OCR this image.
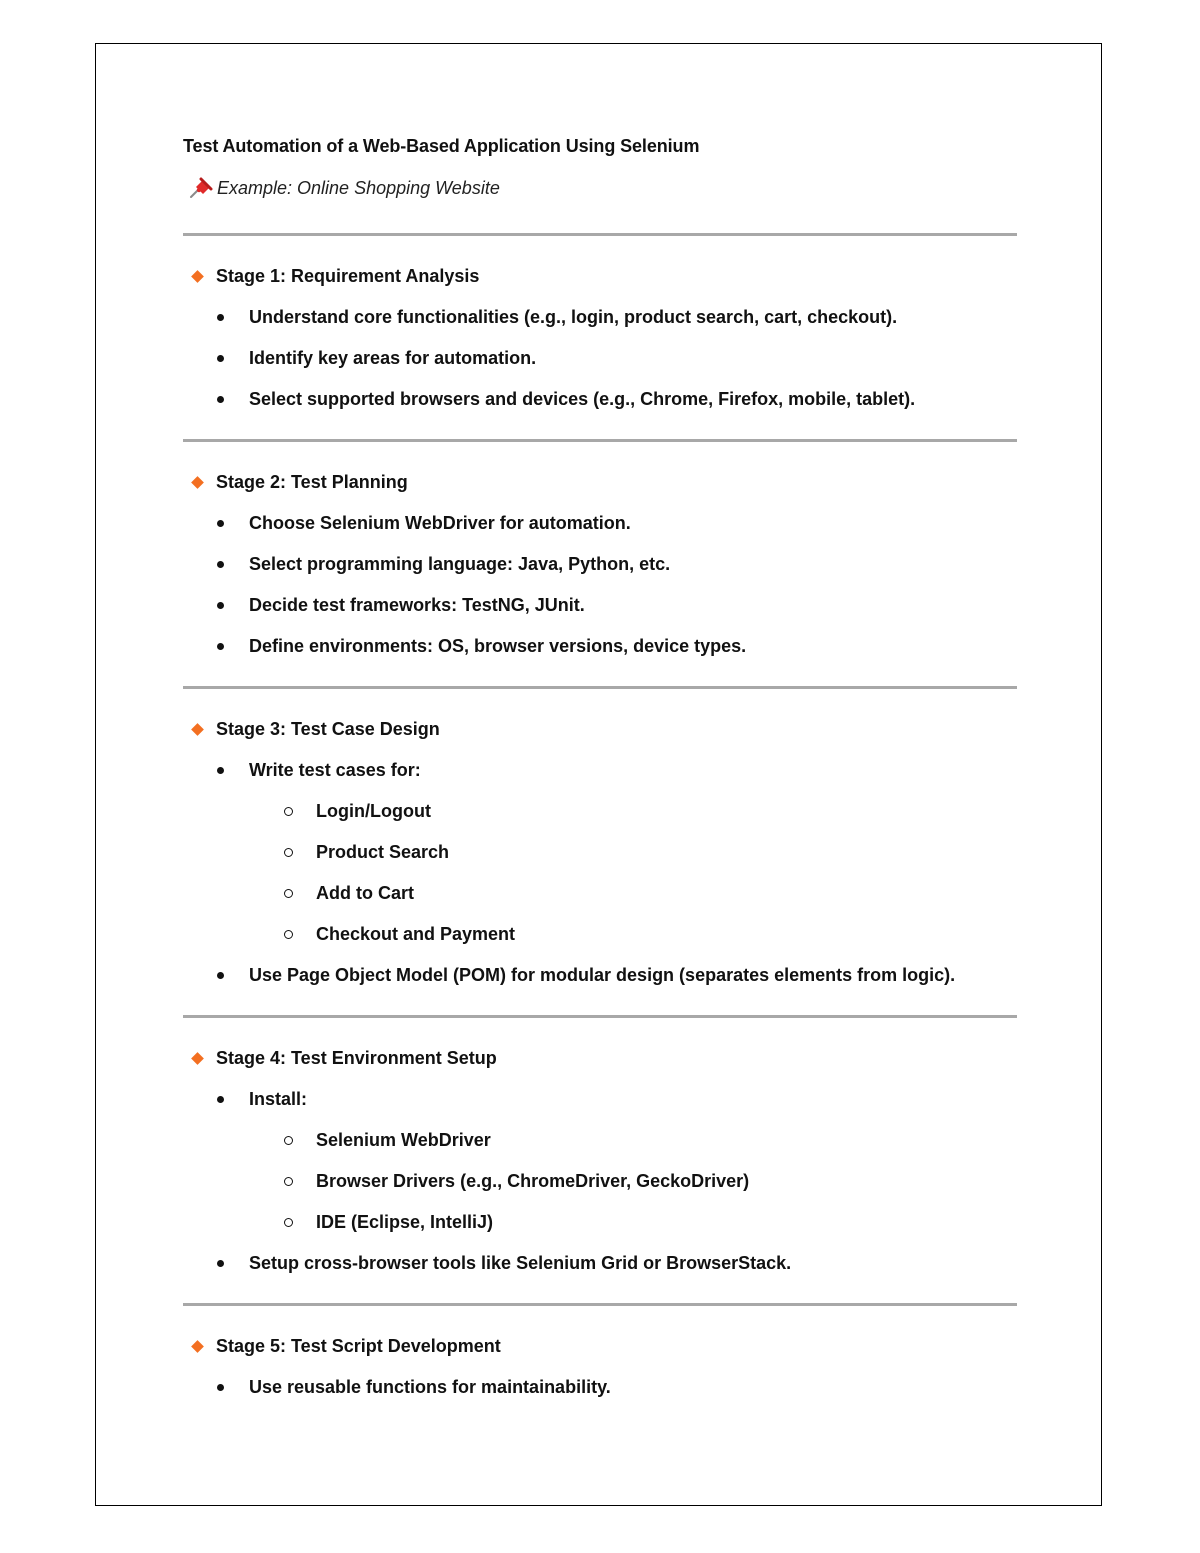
Test Automation of a Web-Based Application Using Selenium
Example: Online Shopping Website
Stage 1: Requirement Analysis
Understand core functionalities (e.g., login, product search, cart, checkout).
Identify key areas for automation.
Select supported browsers and devices (e.g., Chrome, Firefox, mobile, tablet).
Stage 2: Test Planning
Choose Selenium WebDriver for automation.
Select programming language: Java, Python, etc.
Decide test frameworks: TestNG, JUnit.
Define environments: OS, browser versions, device types.
Stage 3: Test Case Design
Write test cases for:
Login/Logout
Product Search
Add to Cart
Checkout and Payment
Use Page Object Model (POM) for modular design (separates elements from logic).
Stage 4: Test Environment Setup
Install:
Selenium WebDriver
Browser Drivers (e.g., ChromeDriver, GeckoDriver)
IDE (Eclipse, IntelliJ)
Setup cross-browser tools like Selenium Grid or BrowserStack.
Stage 5: Test Script Development
Use reusable functions for maintainability.
